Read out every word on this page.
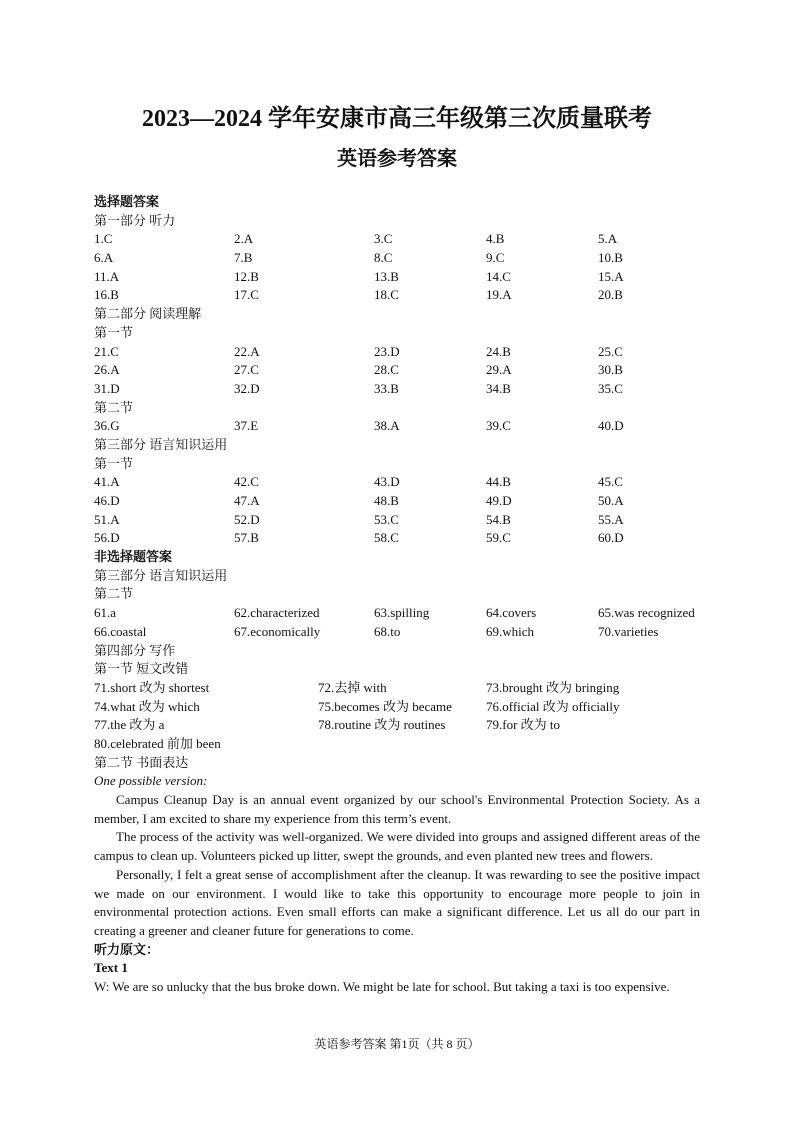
2023—2024 学年安康市高三年级第三次质量联考
英语参考答案
选择题答案
第一部分 听力
1.C	2.A	3.C	4.B	5.A
6.A	7.B	8.C	9.C	10.B
11.A	12.B	13.B	14.C	15.A
16.B	17.C	18.C	19.A	20.B
第二部分 阅读理解
第一节
21.C	22.A	23.D	24.B	25.C
26.A	27.C	28.C	29.A	30.B
31.D	32.D	33.B	34.B	35.C
第二节
36.G	37.E	38.A	39.C	40.D
第三部分 语言知识运用
第一节
41.A	42.C	43.D	44.B	45.C
46.D	47.A	48.B	49.D	50.A
51.A	52.D	53.C	54.B	55.A
56.D	57.B	58.C	59.C	60.D
非选择题答案
第三部分 语言知识运用
第二节
61.a	62.characterized	63.spilling	64.covers	65.was recognized
66.coastal	67.economically	68.to	69.which	70.varieties
第四部分 写作
第一节 短文改错
71.short 改为 shortest	72.去掉 with	73.brought 改为 bringing
74.what 改为 which	75.becomes 改为 became	76.official 改为 officially
77.the 改为 a	78.routine 改为 routines	79.for 改为 to
80.celebrated 前加 been
第二节 书面表达
One possible version:
Campus Cleanup Day is an annual event organized by our school's Environmental Protection Society. As a member, I am excited to share my experience from this term’s event.
The process of the activity was well-organized. We were divided into groups and assigned different areas of the campus to clean up. Volunteers picked up litter, swept the grounds, and even planted new trees and flowers.
Personally, I felt a great sense of accomplishment after the cleanup. It was rewarding to see the positive impact we made on our environment. I would like to take this opportunity to encourage more people to join in environmental protection actions. Even small efforts can make a significant difference. Let us all do our part in creating a greener and cleaner future for generations to come.
听力原文：
Text 1
W: We are so unlucky that the bus broke down. We might be late for school. But taking a taxi is too expensive.
英语参考答案 第1页（共 8 页）
